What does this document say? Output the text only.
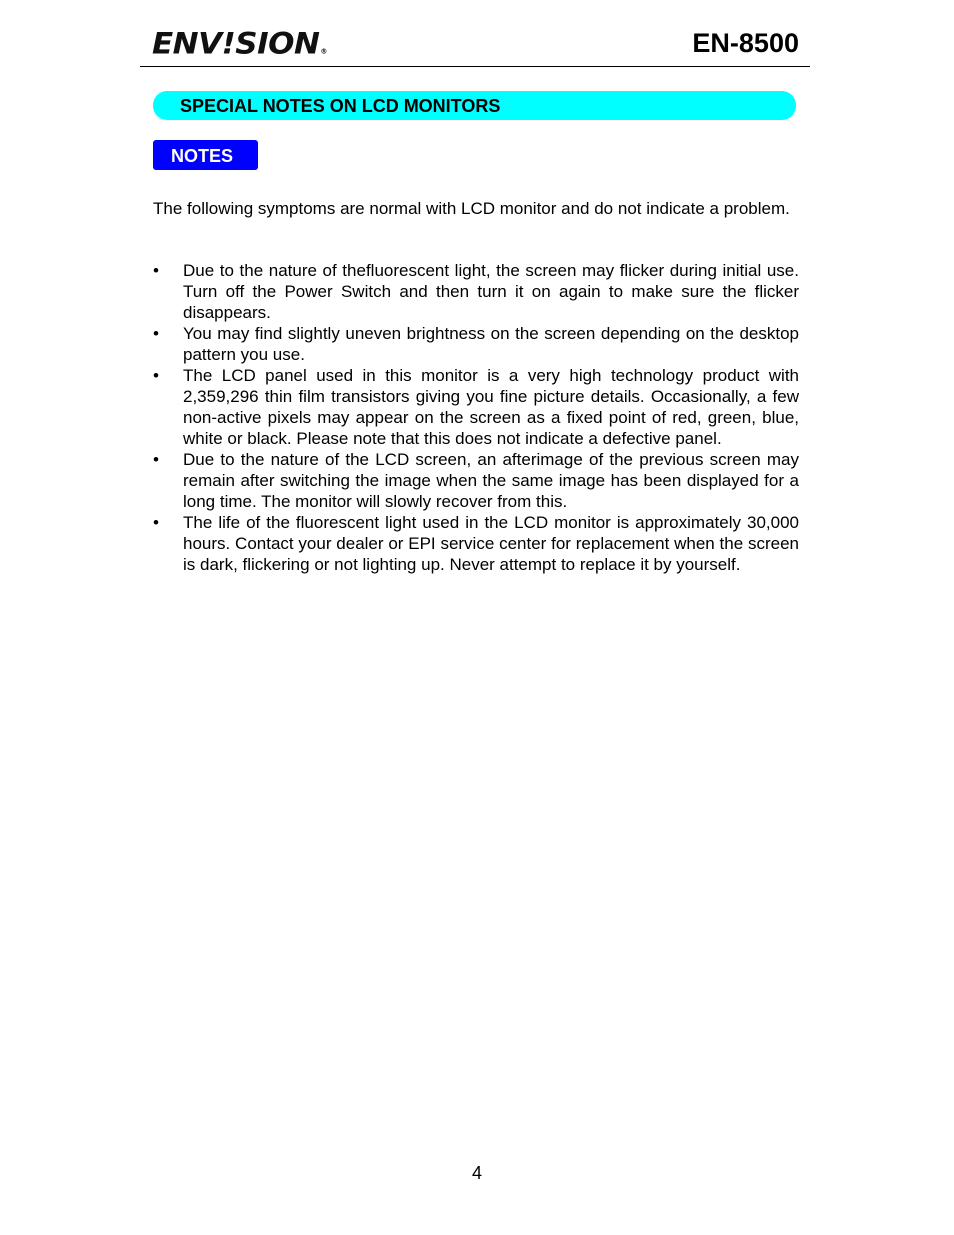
ENV!SION®	EN-8500
SPECIAL NOTES ON LCD MONITORS
NOTES

The following symptoms are normal with LCD monitor and do not indicate a problem.

• Due to the nature of thefluorescent light, the screen may flicker during initial use. Turn off the Power Switch and then turn it on again to make sure the flicker disappears.
• You may find slightly uneven brightness on the screen depending on the desktop pattern you use.
• The LCD panel used in this monitor is a very high technology product with 2,359,296 thin film transistors giving you fine picture details. Occasionally, a few non-active pixels may appear on the screen as a fixed point of red, green, blue, white or black. Please note that this does not indicate a defective panel.
• Due to the nature of the LCD screen, an afterimage of the previous screen may remain after switching the image when the same image has been displayed for a long time. The monitor will slowly recover from this.
• The life of the fluorescent light used in the LCD monitor is approximately 30,000 hours. Contact your dealer or EPI service center for replacement when the screen is dark, flickering or not lighting up. Never attempt to replace it by yourself.
4
